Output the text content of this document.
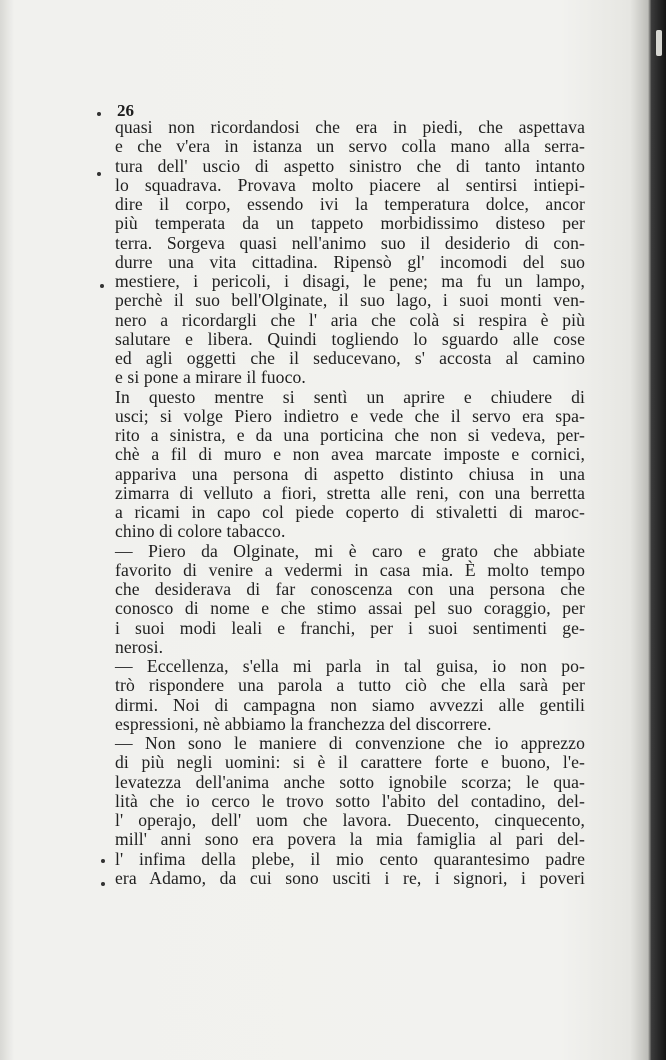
26
quasi non ricordandosi che era in piedi, che aspettava
e che v'era in istanza un servo colla mano alla serra-
tura dell' uscio di aspetto sinistro che di tanto intanto
lo squadrava. Provava molto piacere al sentirsi intiepi-
dire il corpo, essendo ivi la temperatura dolce, ancor
più temperata da un tappeto morbidissimo disteso per
terra. Sorgeva quasi nell'animo suo il desiderio di con-
durre una vita cittadina. Ripensò gl' incomodi del suo
mestiere, i pericoli, i disagi, le pene; ma fu un lampo,
perchè il suo bell'Olginate, il suo lago, i suoi monti ven-
nero a ricordargli che l' aria che colà si respira è più
salutare e libera. Quindi togliendo lo sguardo alle cose
ed agli oggetti che il seducevano, s' accosta al camino
e si pone a mirare il fuoco.
In questo mentre si sentì un aprire e chiudere di
usci; si volge Piero indietro e vede che il servo era spa-
rito a sinistra, e da una porticina che non si vedeva, per-
chè a fil di muro e non avea marcate imposte e cornici,
appariva una persona di aspetto distinto chiusa in una
zimarra di velluto a fiori, stretta alle reni, con una berretta
a ricami in capo col piede coperto di stivaletti di maroc-
chino di colore tabacco.
— Piero da Olginate, mi è caro e grato che abbiate
favorito di venire a vedermi in casa mia. È molto tempo
che desiderava di far conoscenza con una persona che
conosco di nome e che stimo assai pel suo coraggio, per
i suoi modi leali e franchi, per i suoi sentimenti ge-
nerosi.
— Eccellenza, s'ella mi parla in tal guisa, io non po-
trò rispondere una parola a tutto ciò che ella sarà per
dirmi. Noi di campagna non siamo avvezzi alle gentili
espressioni, nè abbiamo la franchezza del discorrere.
— Non sono le maniere di convenzione che io apprezzo
di più negli uomini: si è il carattere forte e buono, l'e-
levatezza dell'anima anche sotto ignobile scorza; le qua-
lità che io cerco le trovo sotto l'abito del contadino, del-
l' operajo, dell' uom che lavora. Duecento, cinquecento,
mill' anni sono era povera la mia famiglia al pari del-
l' infima della plebe, il mio cento quarantesimo padre
era Adamo, da cui sono usciti i re, i signori, i poveri
